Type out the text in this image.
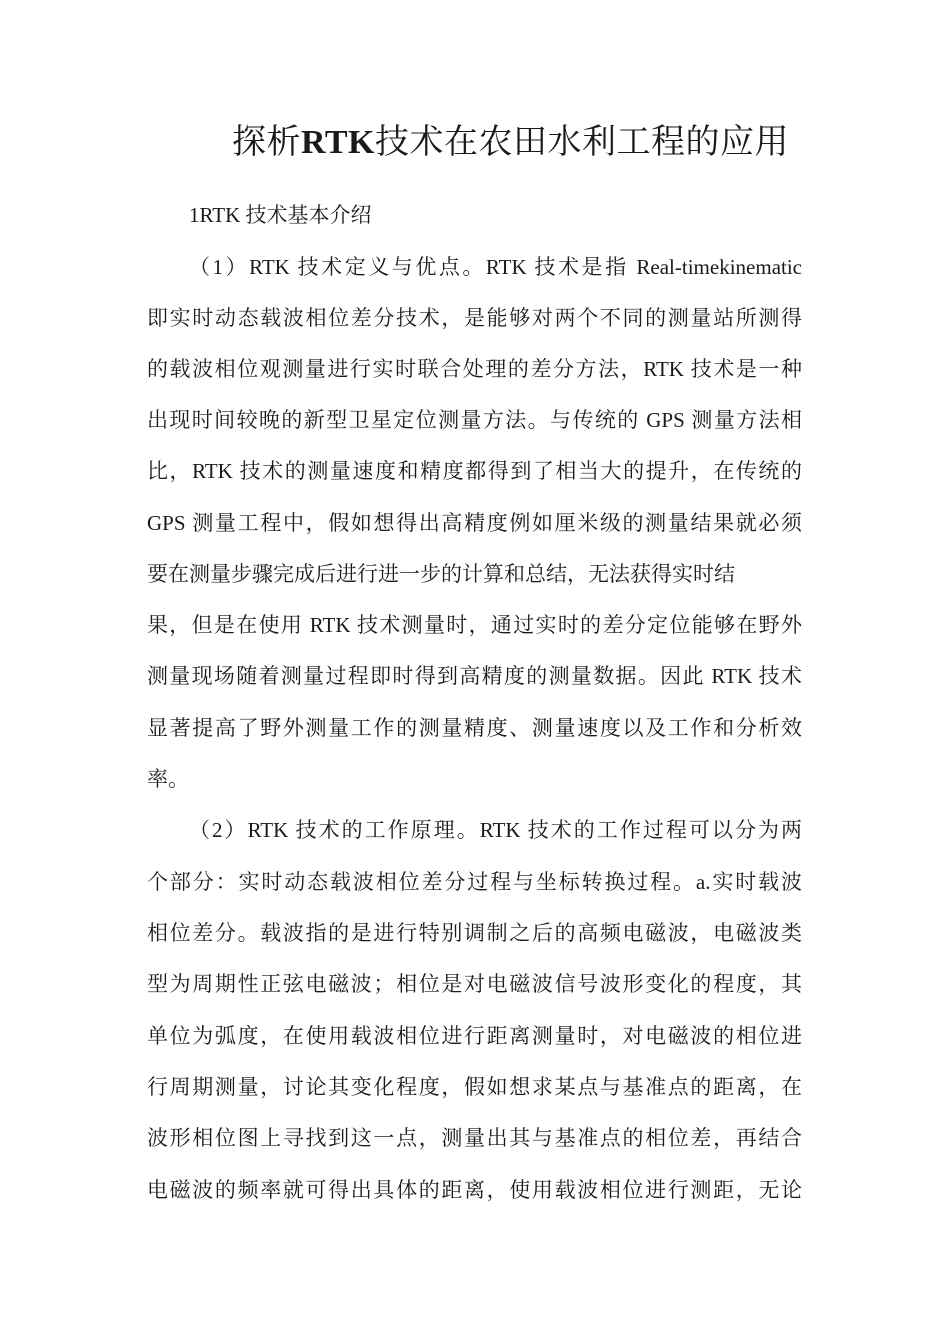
探析RTK技术在农田水利工程的应用
1RTK 技术基本介绍
（1）RTK 技术定义与优点。RTK 技术是指 Real-timekinematic
即实时动态载波相位差分技术，是能够对两个不同的测量站所测得
的载波相位观测量进行实时联合处理的差分方法，RTK 技术是一种
出现时间较晚的新型卫星定位测量方法。与传统的 GPS 测量方法相
比，RTK 技术的测量速度和精度都得到了相当大的提升，在传统的
GPS 测量工程中，假如想得出高精度例如厘米级的测量结果就必须
要在测量步骤完成后进行进一步的计算和总结，无法获得实时结
果，但是在使用 RTK 技术测量时，通过实时的差分定位能够在野外
测量现场随着测量过程即时得到高精度的测量数据。因此 RTK 技术
显著提高了野外测量工作的测量精度、测量速度以及工作和分析效
率。
（2）RTK 技术的工作原理。RTK 技术的工作过程可以分为两
个部分：实时动态载波相位差分过程与坐标转换过程。a.实时载波
相位差分。载波指的是进行特别调制之后的高频电磁波，电磁波类
型为周期性正弦电磁波；相位是对电磁波信号波形变化的程度，其
单位为弧度，在使用载波相位进行距离测量时，对电磁波的相位进
行周期测量，讨论其变化程度，假如想求某点与基准点的距离，在
波形相位图上寻找到这一点，测量出其与基准点的相位差，再结合
电磁波的频率就可得出具体的距离，使用载波相位进行测距，无论
